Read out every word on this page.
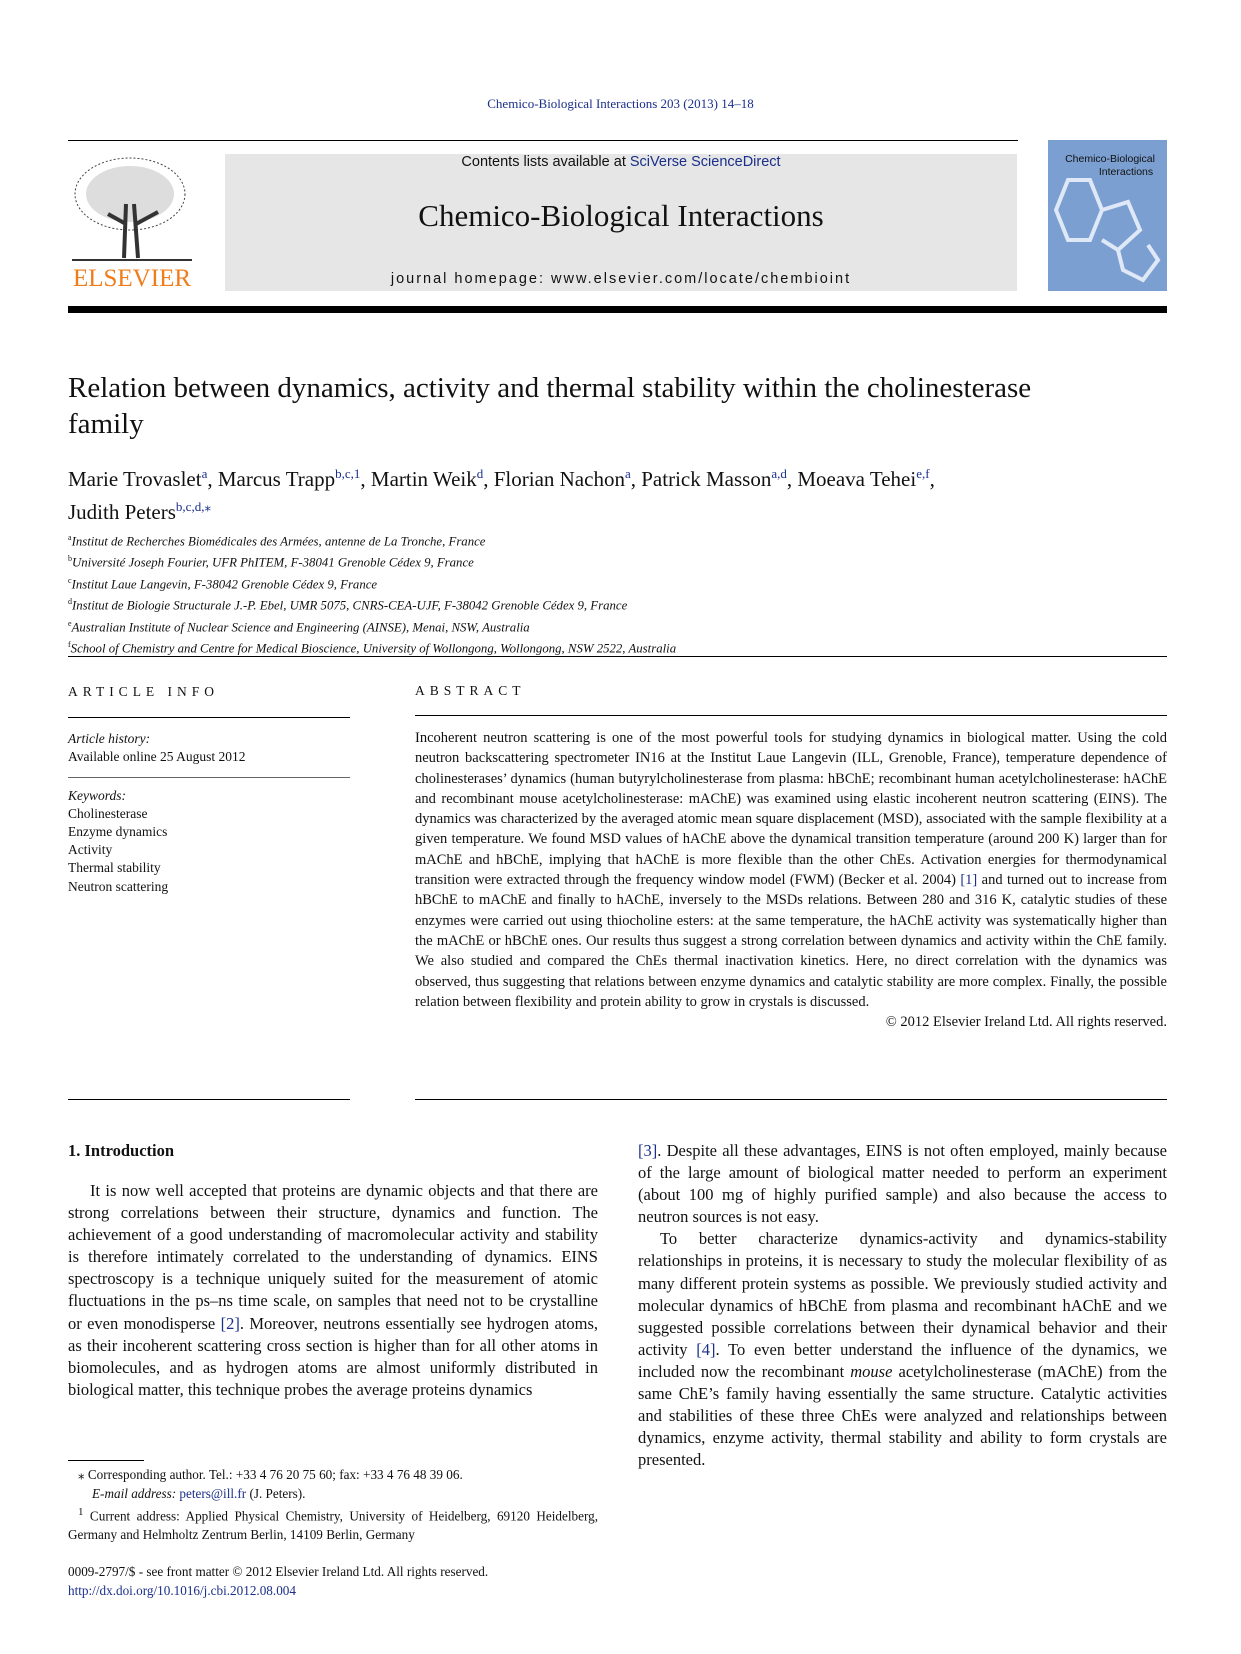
Chemico-Biological Interactions 203 (2013) 14–18
ELSEVIER
Contents lists available at SciVerse ScienceDirect
Chemico-Biological Interactions
journal homepage: www.elsevier.com/locate/chembioint
Chemico-Biological
Interactions
Relation between dynamics, activity and thermal stability within the cholinesterase family
Marie Trovaslet$^a$, Marcus Trapp$^{b,c,1}$, Martin Weik$^d$, Florian Nachon$^a$, Patrick Masson$^{a,d}$, Moeava Tehei$^{e,f}$,
Judith Peters$^{b,c,d,⁎}$
$^a$Institut de Recherches Biomédicales des Armées, antenne de La Tronche, France
$^b$Université Joseph Fourier, UFR PhITEM, F-38041 Grenoble Cédex 9, France
$^c$Institut Laue Langevin, F-38042 Grenoble Cédex 9, France
$^d$Institut de Biologie Structurale J.-P. Ebel, UMR 5075, CNRS-CEA-UJF, F-38042 Grenoble Cédex 9, France
$^e$Australian Institute of Nuclear Science and Engineering (AINSE), Menai, NSW, Australia
$^f$School of Chemistry and Centre for Medical Bioscience, University of Wollongong, Wollongong, NSW 2522, Australia
ARTICLE INFO
Article history:
Available online 25 August 2012
Keywords:
Cholinesterase
Enzyme dynamics
Activity
Thermal stability
Neutron scattering
ABSTRACT
Incoherent neutron scattering is one of the most powerful tools for studying dynamics in biological matter. Using the cold neutron backscattering spectrometer IN16 at the Institut Laue Langevin (ILL, Grenoble, France), temperature dependence of cholinesterases’ dynamics (human butyrylcholinesterase from plasma: hBChE; recombinant human acetylcholinesterase: hAChE and recombinant mouse acetylcholinesterase: mAChE) was examined using elastic incoherent neutron scattering (EINS). The dynamics was characterized by the averaged atomic mean square displacement (MSD), associated with the sample flexibility at a given temperature. We found MSD values of hAChE above the dynamical transition temperature (around 200 K) larger than for mAChE and hBChE, implying that hAChE is more flexible than the other ChEs. Activation energies for thermodynamical transition were extracted through the frequency window model (FWM) (Becker et al. 2004) [1] and turned out to increase from hBChE to mAChE and finally to hAChE, inversely to the MSDs relations. Between 280 and 316 K, catalytic studies of these enzymes were carried out using thiocholine esters: at the same temperature, the hAChE activity was systematically higher than the mAChE or hBChE ones. Our results thus suggest a strong correlation between dynamics and activity within the ChE family. We also studied and compared the ChEs thermal inactivation kinetics. Here, no direct correlation with the dynamics was observed, thus suggesting that relations between enzyme dynamics and catalytic stability are more complex. Finally, the possible relation between flexibility and protein ability to grow in crystals is discussed.
© 2012 Elsevier Ireland Ltd. All rights reserved.
1. Introduction

It is now well accepted that proteins are dynamic objects and that there are strong correlations between their structure, dynamics and function. The achievement of a good understanding of macromolecular activity and stability is therefore intimately correlated to the understanding of dynamics. EINS spectroscopy is a technique uniquely suited for the measurement of atomic fluctuations in the ps–ns time scale, on samples that need not to be crystalline or even monodisperse [2]. Moreover, neutrons essentially see hydrogen atoms, as their incoherent scattering cross section is higher than for all other atoms in biomolecules, and as hydrogen atoms are almost uniformly distributed in biological matter, this technique probes the average proteins dynamics

[3]. Despite all these advantages, EINS is not often employed, mainly because of the large amount of biological matter needed to perform an experiment (about 100 mg of highly purified sample) and also because the access to neutron sources is not easy.

To better characterize dynamics-activity and dynamics-stability relationships in proteins, it is necessary to study the molecular flexibility of as many different protein systems as possible. We previously studied activity and molecular dynamics of hBChE from plasma and recombinant hAChE and we suggested possible correlations between their dynamical behavior and their activity [4]. To even better understand the influence of the dynamics, we included now the recombinant mouse acetylcholinesterase (mAChE) from the same ChE’s family having essentially the same structure. Catalytic activities and stabilities of these three ChEs were analyzed and relationships between dynamics, enzyme activity, thermal stability and ability to form crystals are presented.

⁎ Corresponding author. Tel.: +33 4 76 20 75 60; fax: +33 4 76 48 39 06.
E-mail address: peters@ill.fr (J. Peters).
$^1$ Current address: Applied Physical Chemistry, University of Heidelberg, 69120 Heidelberg, Germany and Helmholtz Zentrum Berlin, 14109 Berlin, Germany
0009-2797/$ - see front matter © 2012 Elsevier Ireland Ltd. All rights reserved.
http://dx.doi.org/10.1016/j.cbi.2012.08.004
